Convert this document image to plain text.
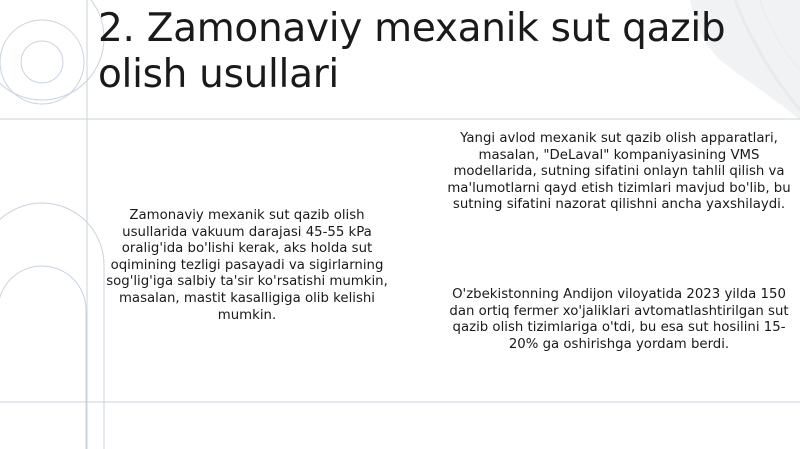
2. Zamonaviy mexanik sut qazib olish usullari

Zamonaviy mexanik sut qazib olish usullarida vakuum darajasi 45-55 kPa oralig'ida bo'lishi kerak, aks holda sut oqimining tezligi pasayadi va sigirlarning sog'lig'iga salbiy ta'sir ko'rsatishi mumkin, masalan, mastit kasalligiga olib kelishi mumkin.

Yangi avlod mexanik sut qazib olish apparatlari, masalan, "DeLaval" kompaniyasining VMS modellarida, sutning sifatini onlayn tahlil qilish va ma'lumotlarni qayd etish tizimlari mavjud bo'lib, bu sutning sifatini nazorat qilishni ancha yaxshilaydi.

O'zbekistonning Andijon viloyatida 2023 yilda 150 dan ortiq fermer xo'jaliklari avtomatlashtirilgan sut qazib olish tizimlariga o'tdi, bu esa sut hosilini 15-20% ga oshirishga yordam berdi.
